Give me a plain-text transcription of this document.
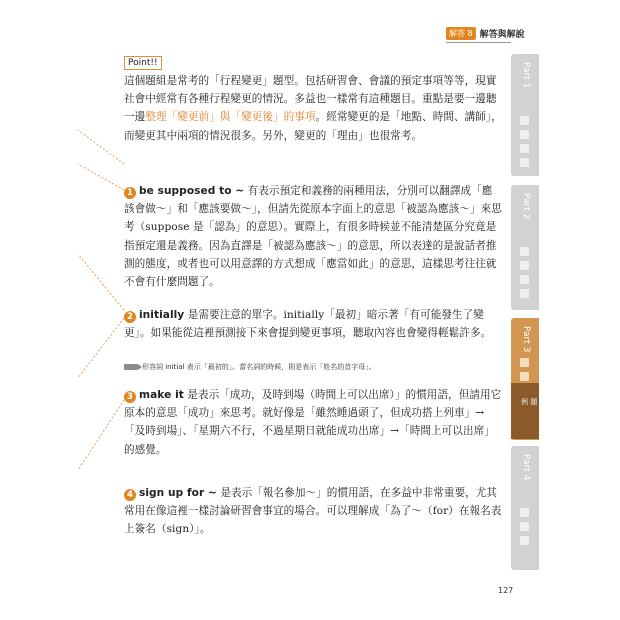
解答 8 解答與解說
Point!!

這個題組是常考的「行程變更」題型。包括研習會、會議的預定事項等等，現實社會中經常有各種行程變更的情況。多益也一樣常有這種題目。重點是要一邊聽一邊整理「變更前」與「變更後」的事項。經常變更的是「地點、時間、講師」，而變更其中兩項的情況很多。另外，變更的「理由」也很常考。

1 be supposed to ~ 有表示預定和義務的兩種用法，分別可以翻譯成「應該會做～」和「應該要做～」，但請先從原本字面上的意思「被認為應該～」來思考（suppose 是「認為」的意思）。實際上，有很多時候並不能清楚區分究竟是指預定還是義務。因為直譯是「被認為應該～」的意思，所以表達的是說話者推測的態度，或者也可以用意譯的方式想成「應當如此」的意思，這樣思考往往就不會有什麼問題了。

2 initially 是需要注意的單字。initially「最初」暗示著「有可能發生了變更」。如果能從這裡預測接下來會提到變更事項，聽取內容也會變得輕鬆許多。

形容詞 initial 表示「最初的」。當名詞的時候，則是表示「姓名的首字母」。

3 make it 是表示「成功，及時到場（時間上可以出席）」的慣用語，但請用它原本的意思「成功」來思考。就好像是「雖然睡過頭了，但成功搭上列車」→「及時到場」、「星期六不行，不過星期日就能成功出席」→「時間上可以出席」的感覺。

4 sign up for ~ 是表示「報名參加～」的慣用語，在多益中非常重要，尤其常用在像這裡一樣討論研習會事宜的場合。可以理解成「為了～（for）在報名表上簽名（sign）」。

Part 1
Part 2
Part 3
例 題
Part 4
127
